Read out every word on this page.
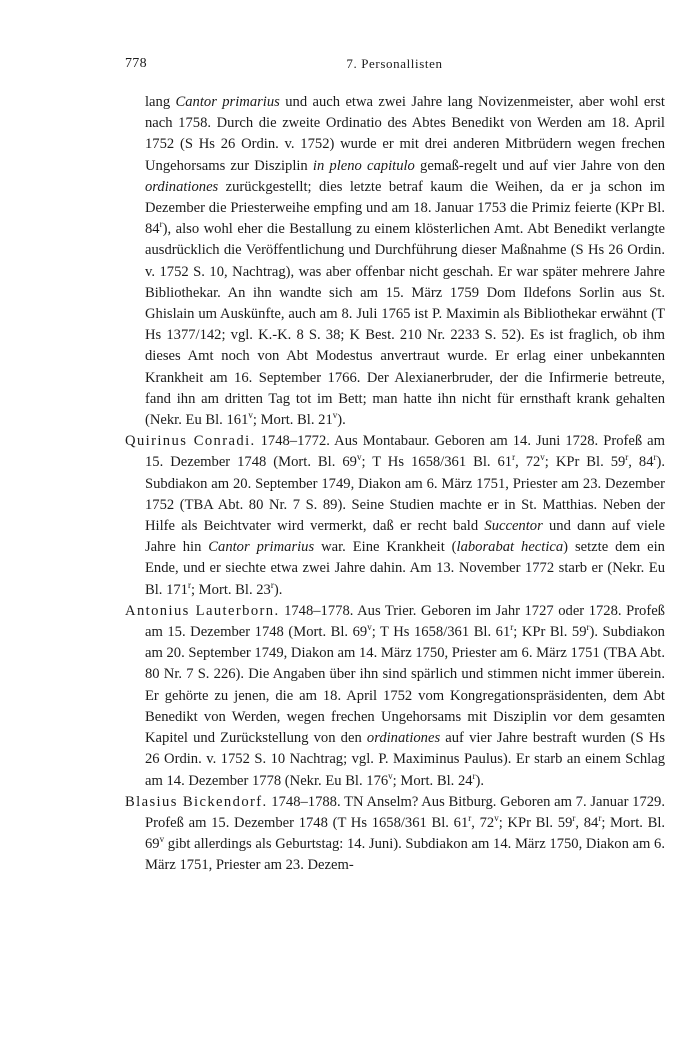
778	7. Personallisten

lang Cantor primarius und auch etwa zwei Jahre lang Novizenmeister, aber wohl erst nach 1758. Durch die zweite Ordinatio des Abtes Benedikt von Werden am 18. April 1752 (S Hs 26 Ordin. v. 1752) wurde er mit drei anderen Mitbrüdern wegen frechen Ungehorsams zur Disziplin in pleno capitulo gemaß-regelt und auf vier Jahre von den ordinationes zurückgestellt; dies letzte betraf kaum die Weihen, da er ja schon im Dezember die Priesterweihe empfing und am 18. Januar 1753 die Primiz feierte (KPr Bl. 84$^r$), also wohl eher die Bestallung zu einem klösterlichen Amt. Abt Benedikt verlangte ausdrücklich die Veröffentlichung und Durchführung dieser Maßnahme (S Hs 26 Ordin. v. 1752 S. 10, Nachtrag), was aber offenbar nicht geschah. Er war später mehrere Jahre Bibliothekar. An ihn wandte sich am 15. März 1759 Dom Ildefons Sorlin aus St. Ghislain um Auskünfte, auch am 8. Juli 1765 ist P. Maximin als Bibliothekar erwähnt (T Hs 1377/142; vgl. K.-K. 8 S. 38; K Best. 210 Nr. 2233 S. 52). Es ist fraglich, ob ihm dieses Amt noch von Abt Modestus anvertraut wurde. Er erlag einer unbekannten Krankheit am 16. September 1766. Der Alexianerbruder, der die Infirmerie betreute, fand ihn am dritten Tag tot im Bett; man hatte ihn nicht für ernsthaft krank gehalten (Nekr. Eu Bl. 161$^v$; Mort. Bl. 21$^v$).

Quirinus Conradi. 1748–1772. Aus Montabaur. Geboren am 14. Juni 1728. Profeß am 15. Dezember 1748 (Mort. Bl. 69$^v$; T Hs 1658/361 Bl. 61$^r$, 72$^v$; KPr Bl. 59$^r$, 84$^r$). Subdiakon am 20. September 1749, Diakon am 6. März 1751, Priester am 23. Dezember 1752 (TBA Abt. 80 Nr. 7 S. 89). Seine Studien machte er in St. Matthias. Neben der Hilfe als Beichtvater wird vermerkt, daß er recht bald Succentor und dann auf viele Jahre hin Cantor primarius war. Eine Krankheit (laborabat hectica) setzte dem ein Ende, und er siechte etwa zwei Jahre dahin. Am 13. November 1772 starb er (Nekr. Eu Bl. 171$^r$; Mort. Bl. 23$^r$).

Antonius Lauterborn. 1748–1778. Aus Trier. Geboren im Jahr 1727 oder 1728. Profeß am 15. Dezember 1748 (Mort. Bl. 69$^v$; T Hs 1658/361 Bl. 61$^r$; KPr Bl. 59$^r$). Subdiakon am 20. September 1749, Diakon am 14. März 1750, Priester am 6. März 1751 (TBA Abt. 80 Nr. 7 S. 226). Die Angaben über ihn sind spärlich und stimmen nicht immer überein. Er gehörte zu jenen, die am 18. April 1752 vom Kongregationspräsidenten, dem Abt Benedikt von Werden, wegen frechen Ungehorsams mit Disziplin vor dem gesamten Kapitel und Zurückstellung von den ordinationes auf vier Jahre bestraft wurden (S Hs 26 Ordin. v. 1752 S. 10 Nachtrag; vgl. P. Maximinus Paulus). Er starb an einem Schlag am 14. Dezember 1778 (Nekr. Eu Bl. 176$^v$; Mort. Bl. 24$^r$).

Blasius Bickendorf. 1748–1788. TN Anselm? Aus Bitburg. Geboren am 7. Januar 1729. Profeß am 15. Dezember 1748 (T Hs 1658/361 Bl. 61$^r$, 72$^v$; KPr Bl. 59$^r$, 84$^r$; Mort. Bl. 69$^v$ gibt allerdings als Geburtstag: 14. Juni). Subdiakon am 14. März 1750, Diakon am 6. März 1751, Priester am 23. Dezem-
